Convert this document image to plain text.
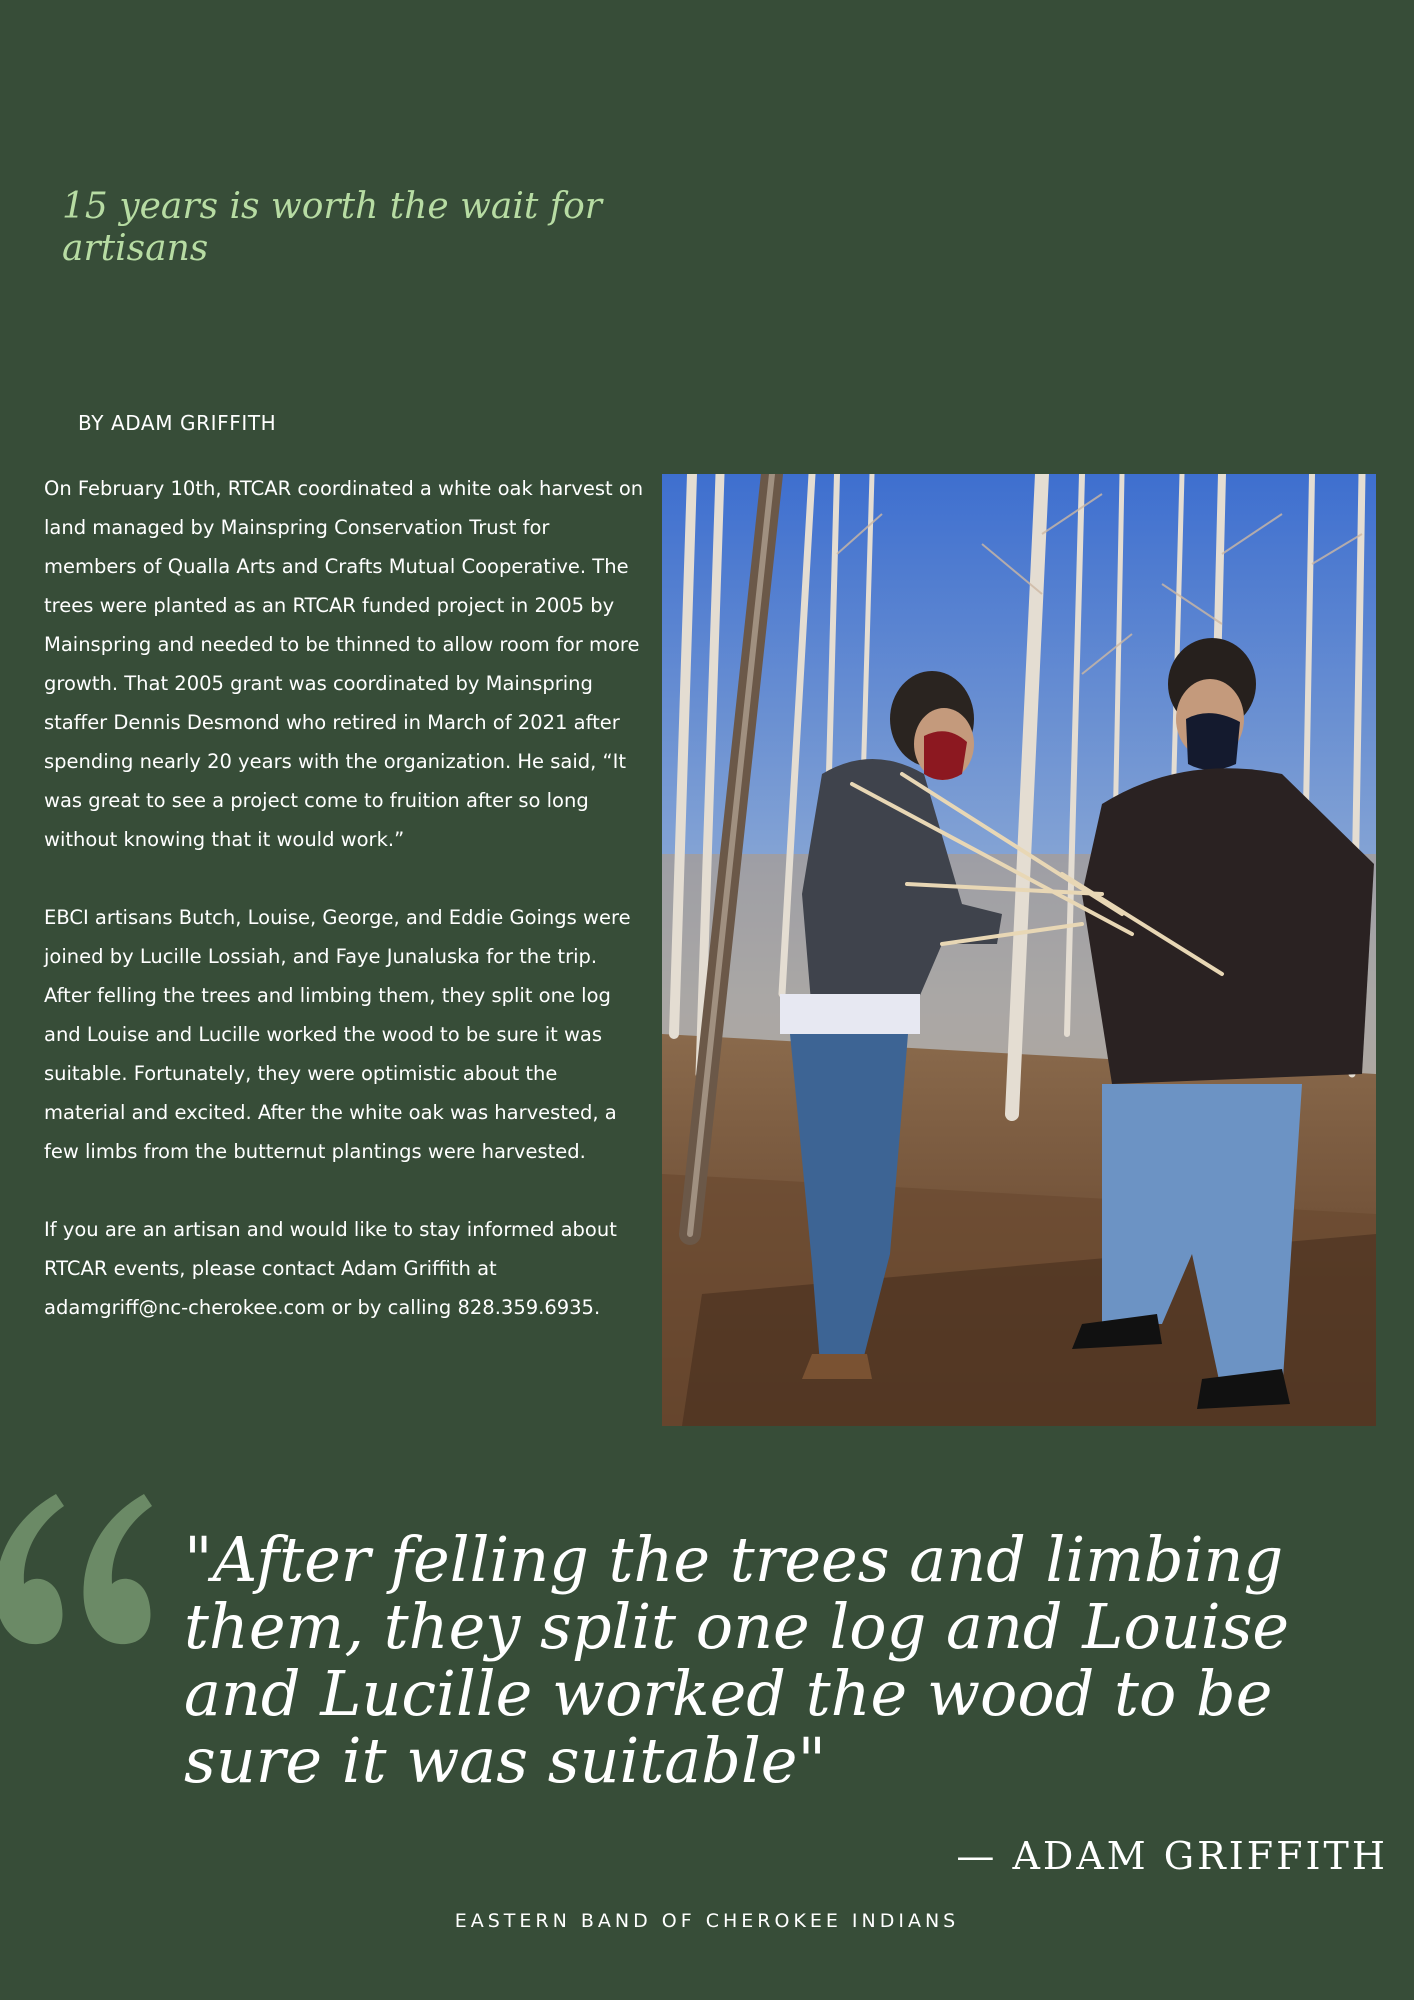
15 years is worth the wait for artisans
BY ADAM GRIFFITH

On February 10th, RTCAR coordinated a white oak harvest on land managed by Mainspring Conservation Trust for members of Qualla Arts and Crafts Mutual Cooperative. The trees were planted as an RTCAR funded project in 2005 by Mainspring and needed to be thinned to allow room for more growth. That 2005 grant was coordinated by Mainspring staffer Dennis Desmond who retired in March of 2021 after spending nearly 20 years with the organization. He said, “It was great to see a project come to fruition after so long without knowing that it would work.”

EBCI artisans Butch, Louise, George, and Eddie Goings were joined by Lucille Lossiah, and Faye Junaluska for the trip. After felling the trees and limbing them, they split one log and Louise and Lucille worked the wood to be sure it was suitable. Fortunately, they were optimistic about the material and excited. After the white oak was harvested, a few limbs from the butternut plantings were harvested.

If you are an artisan and would like to stay informed about RTCAR events, please contact Adam Griffith at adamgriff@nc-cherokee.com or by calling 828.359.6935.

"After felling the trees and limbing them, they split one log and Louise and Lucille worked the wood to be sure it was suitable"
— ADAM GRIFFITH
EASTERN BAND OF CHEROKEE INDIANS
